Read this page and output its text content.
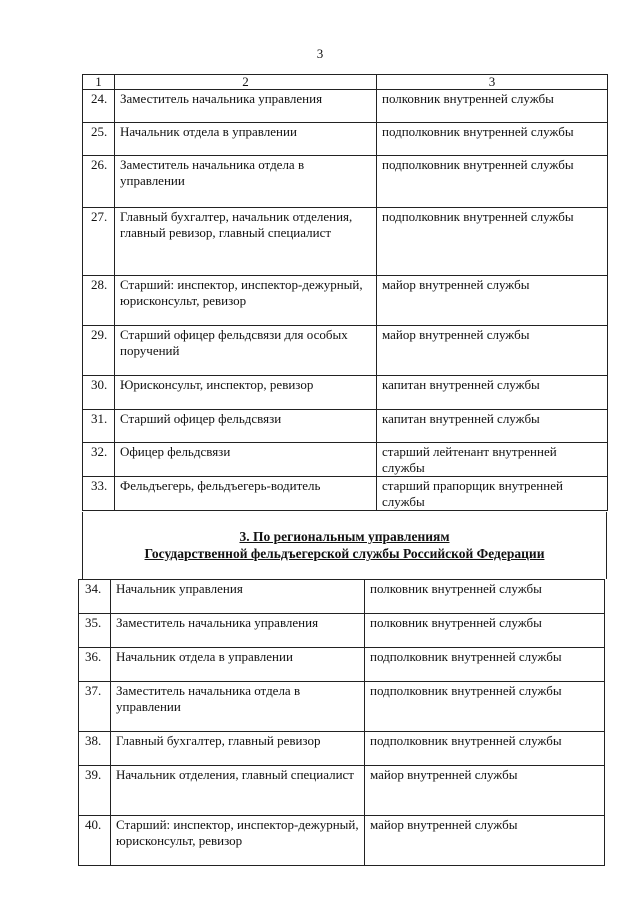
3
1	2	3
24.	Заместитель начальника управления	полковник внутренней службы
25.	Начальник отдела в управлении	подполковник внутренней службы
26.	Заместитель начальника отдела в управлении	подполковник внутренней службы
27.	Главный бухгалтер, начальник отделения, главный ревизор, главный специалист	подполковник внутренней службы
28.	Старший: инспектор, инспектор-дежурный, юрисконсульт, ревизор	майор внутренней службы
29.	Старший офицер фельдсвязи для особых поручений	майор внутренней службы
30.	Юрисконсульт, инспектор, ревизор	капитан внутренней службы
31.	Старший офицер фельдсвязи	капитан внутренней службы
32.	Офицер фельдсвязи	старший лейтенант внутренней службы
33.	Фельдъегерь, фельдъегерь-водитель	старший прапорщик внутренней службы
3. По региональным управлениям
Государственной фельдъегерской службы Российской Федерации
34.	Начальник управления	полковник внутренней службы
35.	Заместитель начальника управления	полковник внутренней службы
36.	Начальник отдела в управлении	подполковник внутренней службы
37.	Заместитель начальника отдела в управлении	подполковник внутренней службы
38.	Главный бухгалтер, главный ревизор	подполковник внутренней службы
39.	Начальник отделения, главный специалист	майор внутренней службы
40.	Старший: инспектор, инспектор-дежурный, юрисконсульт, ревизор	майор внутренней службы
